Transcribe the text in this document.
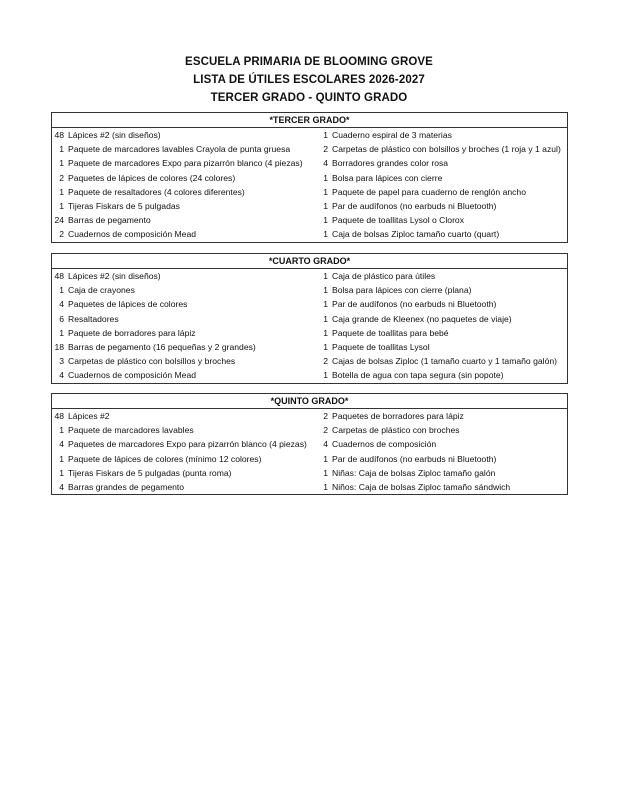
ESCUELA PRIMARIA DE BLOOMING GROVE
LISTA DE ÚTILES ESCOLARES 2026-2027
TERCER GRADO - QUINTO GRADO
*TERCER GRADO*
48 Lápices #2 (sin diseños)
1 Paquete de marcadores lavables Crayola de punta gruesa
1 Paquete de marcadores Expo para pizarrón blanco (4 piezas)
2 Paquetes de lápices de colores (24 colores)
1 Paquete de resaltadores (4 colores diferentes)
1 Tijeras Fiskars de 5 pulgadas
24 Barras de pegamento
2 Cuadernos de composición Mead
1 Cuaderno espiral de 3 materias
2 Carpetas de plástico con bolsillos y broches (1 roja y 1 azul)
4 Borradores grandes color rosa
1 Bolsa para lápices con cierre
1 Paquete de papel para cuaderno de renglón ancho
1 Par de audífonos (no earbuds ni Bluetooth)
1 Paquete de toallitas Lysol o Clorox
1 Caja de bolsas Ziploc tamaño cuarto (quart)
*CUARTO GRADO*
48 Lápices #2 (sin diseños)
1 Caja de crayones
4 Paquetes de lápices de colores
6 Resaltadores
1 Paquete de borradores para lápiz
18 Barras de pegamento (16 pequeñas y 2 grandes)
3 Carpetas de plástico con bolsillos y broches
4 Cuadernos de composición Mead
1 Caja de plástico para útiles
1 Bolsa para lápices con cierre (plana)
1 Par de audífonos (no earbuds ni Bluetooth)
1 Caja grande de Kleenex (no paquetes de viaje)
1 Paquete de toallitas para bebé
1 Paquete de toallitas Lysol
2 Cajas de bolsas Ziploc (1 tamaño cuarto y 1 tamaño galón)
1 Botella de agua con tapa segura (sin popote)
*QUINTO GRADO*
48 Lápices #2
1 Paquete de marcadores lavables
4 Paquetes de marcadores Expo para pizarrón blanco (4 piezas)
1 Paquete de lápices de colores (mínimo 12 colores)
1 Tijeras Fiskars de 5 pulgadas (punta roma)
4 Barras grandes de pegamento
2 Paquetes de borradores para lápiz
2 Carpetas de plástico con broches
4 Cuadernos de composición
1 Par de audífonos (no earbuds ni Bluetooth)
1 Niñas: Caja de bolsas Ziploc tamaño galón
1 Niños: Caja de bolsas Ziploc tamaño sándwich
